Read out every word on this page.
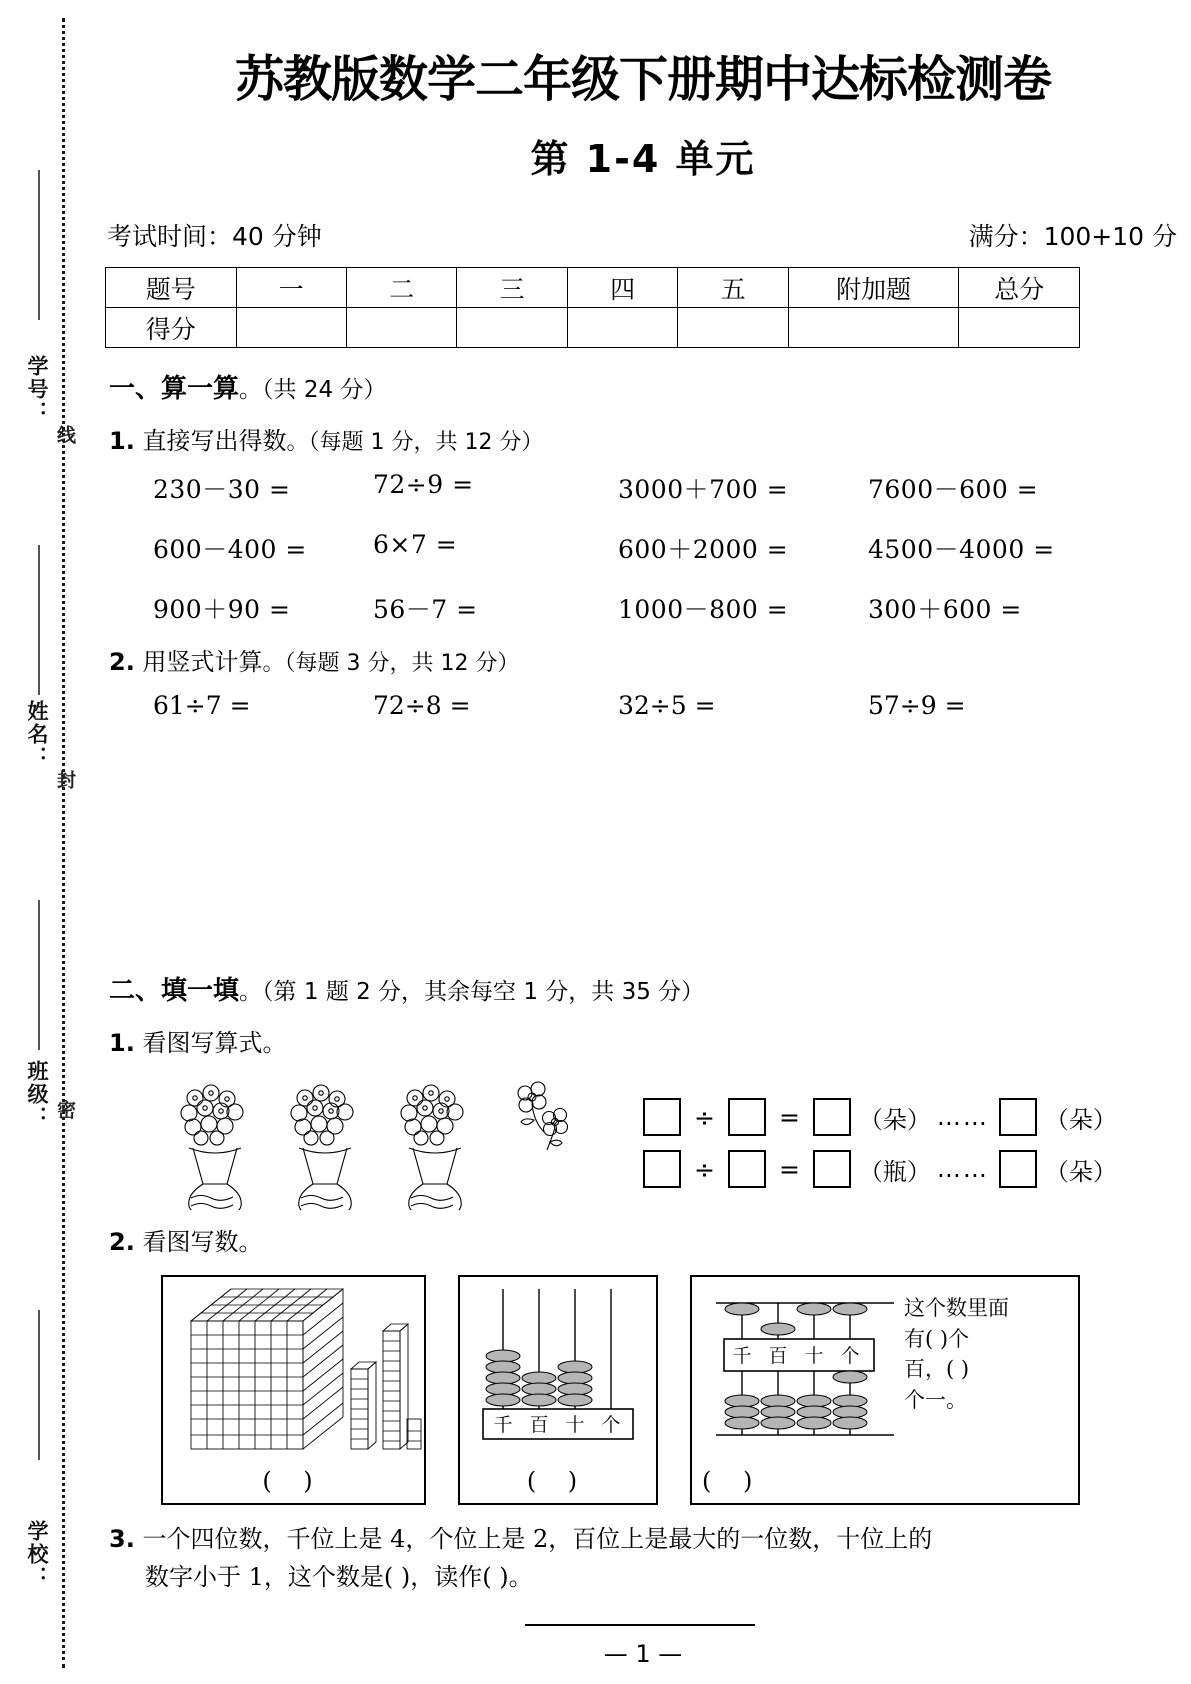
学号：
姓名：
班级：
学校：
线
封
密
苏教版数学二年级下册期中达标检测卷
第 1-4 单元
考试时间：40 分钟	满分：100+10 分
题号	一	二	三	四	五	附加题	总分
得分							
一、算一算。（共 24 分）
1. 直接写出得数。（每题 1 分，共 12 分）
230－30 =	72÷9 =	3000＋700 =	7600－600 =
600－400 =	6×7 =	600＋2000 =	4500－4000 =
900＋90 =	56－7 =	1000－800 =	300＋600 =
2. 用竖式计算。（每题 3 分，共 12 分）
61÷7 =	72÷8 =	32÷5 =	57÷9 =
二、填一填。（第 1 题 2 分，其余每空 1 分，共 35 分）
1. 看图写算式。
÷	= （朵） …… （朵）
÷	= （瓶） …… （朵）
2. 看图写数。
( )
千 百 十 个
( )
千 百 十 个
这个数里面
有( )个
百，( )
个一。
( )
3. 一个四位数，千位上是 4，个位上是 2，百位上是最大的一位数，十位上的
数字小于 1，这个数是( )，读作( )。
— 1 —
